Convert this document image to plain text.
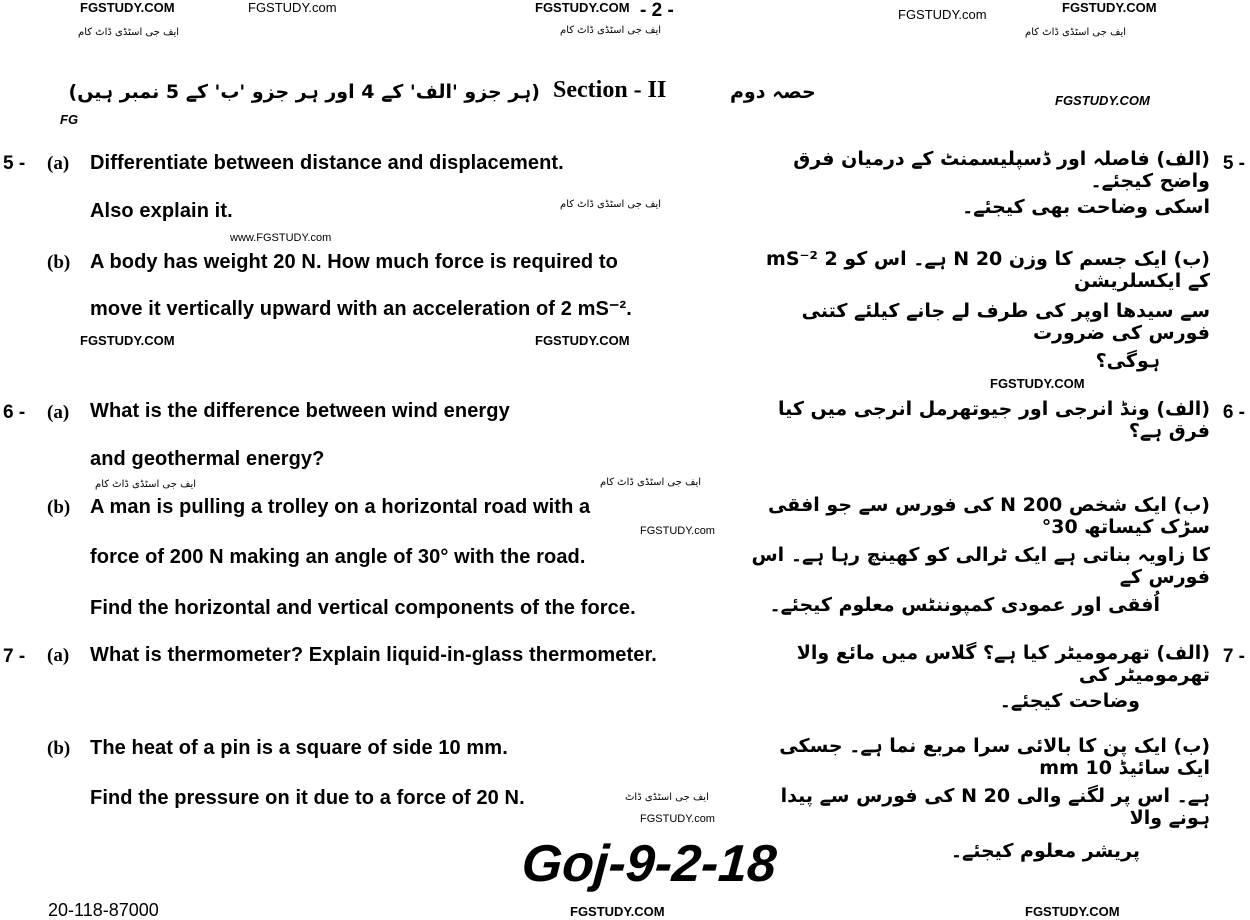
FGSTUDY.COM	FGSTUDY.com	FGSTUDY.COM - 2 -	FGSTUDY.com	FGSTUDY.COM
ایف جی اسٹڈی ڈاٹ کام	ایف جی اسٹڈی ڈاٹ کام	ایف جی اسٹڈی ڈاٹ کام
FG
(ہر جزو 'الف' کے 4 اور ہر جزو 'ب' کے 5 نمبر ہیں) Section - II	حصہ دوم	FGSTUDY.COM
5 -	5 -
(a) Differentiate between distance and displacement.
Also explain it.
(الف) فاصلہ اور ڈسپلیسمنٹ کے درمیان فرق واضح کیجئے۔
اسکی وضاحت بھی کیجئے۔
ایف جی اسٹڈی ڈاٹ کام
www.FGSTUDY.com
(b) A body has weight 20 N. How much force is required to
move it vertically upward with an acceleration of 2 mS⁻².
(ب) ایک جسم کا وزن 20 N ہے۔ اس کو 2 mS⁻² کے ایکسلریشن
سے سیدھا اوپر کی طرف لے جانے کیلئے کتنی فورس کی ضرورت
ہوگی؟
FGSTUDY.COM	FGSTUDY.COM
FGSTUDY.COM
6 -	6 -
(a) What is the difference between wind energy
and geothermal energy?
(الف) ونڈ انرجی اور جیوتھرمل انرجی میں کیا فرق ہے؟
ایف جی اسٹڈی ڈاٹ کام	ایف جی اسٹڈی ڈاٹ کام
(b) A man is pulling a trolley on a horizontal road with a
force of 200 N making an angle of 30° with the road.
Find the horizontal and vertical components of the force.
(ب) ایک شخص 200 N کی فورس سے جو افقی سڑک کیساتھ 30°
کا زاویہ بناتی ہے ایک ٹرالی کو کھینچ رہا ہے۔ اس فورس کے
اُفقی اور عمودی کمپوننٹس معلوم کیجئے۔
FGSTUDY.com
7 -	7 -
(a) What is thermometer? Explain liquid-in-glass thermometer.	(الف) تھرمومیٹر کیا ہے؟ گلاس میں مائع والا تھرمومیٹر کی
وضاحت کیجئے۔
(b) The heat of a pin is a square of side 10 mm.
Find the pressure on it due to a force of 20 N.	ایف جی اسٹڈی ڈاٹ
(ب) ایک پن کا بالائی سرا مربع نما ہے۔ جسکی ایک سائیڈ 10 mm
ہے۔ اس پر لگنے والی 20 N کی فورس سے پیدا ہونے والا
پریشر معلوم کیجئے۔
FGSTUDY.com
Goj-9-2-18
20-118-87000	FGSTUDY.COM	FGSTUDY.COM
